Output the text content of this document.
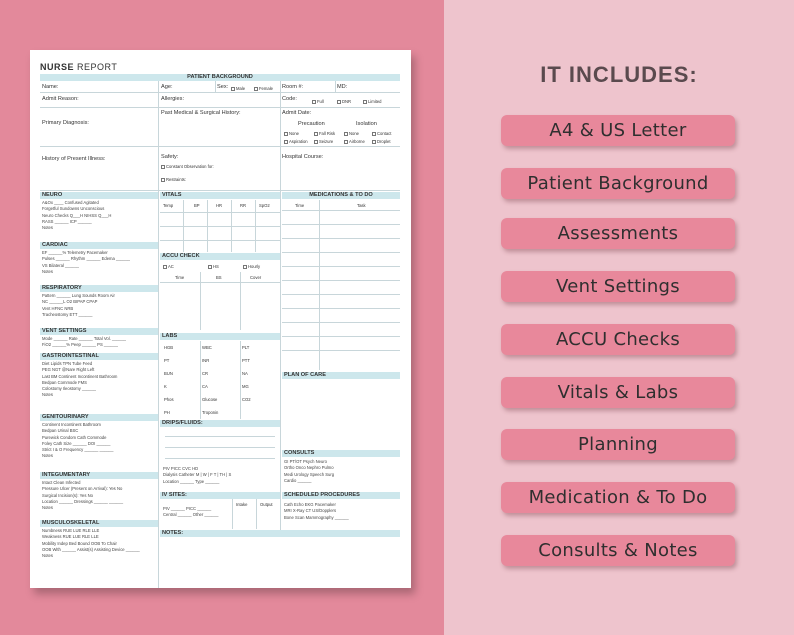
NURSE REPORT
PATIENT BACKGROUND
Name:	Age:	Sex:	Male	Female Room #:	MD:
Admit Reason:	Allergies:	Code:	Full	DNR	Limited
Primary Diagnosis:
Past Medical & Surgical History:	Admit Date:
Precaution	Isolation
None	Fall Risk
Aspiration	Seizure
None	Contact
Airborne	Droplet
History of Present Illness:	Safety:
Constant Observation for:
Restraints:
Hospital Course:
NEURO
A&Ox ____ Confused Agitated
Forgetful Sundowns Unconscious
Neuro Checks Q___H NIHSS Q___H
RASS ______ ICP ______
Notes
CARDIAC
EF ______% Telemetry Pacemaker
Pulses ______ Rhythm ______ Edema ______
VS Bilateral ______
Notes
RESPIRATORY
Pattern ______ Lung Sounds Room Air
NC ______L O2 BIPAP CPAP
Vent HFNC NRB
Tracheostomy ETT ______
VENT SETTINGS
Mode ______ Rate ______ Total Vol. ______
FiO2 ______% Peep ______ PS ______
GASTROINTESTINAL
Diet Lipids TPN Tube Feed
PEG NGT @Nare Right Left
Last BM Continent Incontinent Bathroom
Bedpan Commode FMS
Colostomy Ileostomy ______
Notes
GENITOURINARY
Continent Incontinent Bathroom
Bedpan Urinal BSC
Purewick Condom Cath Commode
Foley Cath Size ______ DOI ______
Strict I & O Frequency ______ ______
Notes
INTEGUMENTARY
Intact Clean Infected
Pressure Ulcer (Present on Arrival): Yes No
Surgical Incision(s): Yes No
Location ______ Dressings ______ ______
Notes
MUSCULOSKELETAL
Numbness RUE LUE RLE LLE
Weakness RUE LUE RLE LLE
Mobility Indep Bed Bound OOB To Chair
OOB With ______ Assist(s) Assisting Device ______
Notes
VITALS
Temp	BP	HR	RR	SpO2
ACCU CHECK
AC	HS	Hourly
Time	BS	Cover
LABS
HGB	WBC	PLT
PT	INR	PTT
BUN	CR	NA
K	CA	MG
Phos	Glucose	CO2
PH	Troponin
DRIPS/FLUIDS:
PIV PICC CVC HD
Dialysis Catheter M | W | F T | TH | S
Location ______ Type ______
IV SITES:
Intake	Output
PIV ______ PICC ______
Central ______ Other ______
NOTES:
MEDICATIONS & TO DO
Time	Task
PLAN OF CARE
CONSULTS
GI PT/OT Psych Neuro
Ortho Onco Nephro Pulmo
Medi Urology Speech Surg
Cardio ______
SCHEDULED PROCEDURES
Cath Echo EKG Pacemaker
MRI X-Ray CT US/Dopplers
Bone Scan Mammography ______
IT INCLUDES:
A4 & US Letter
Patient Background
Assessments
Vent Settings
ACCU Checks
Vitals & Labs
Planning
Medication & To Do
Consults & Notes
